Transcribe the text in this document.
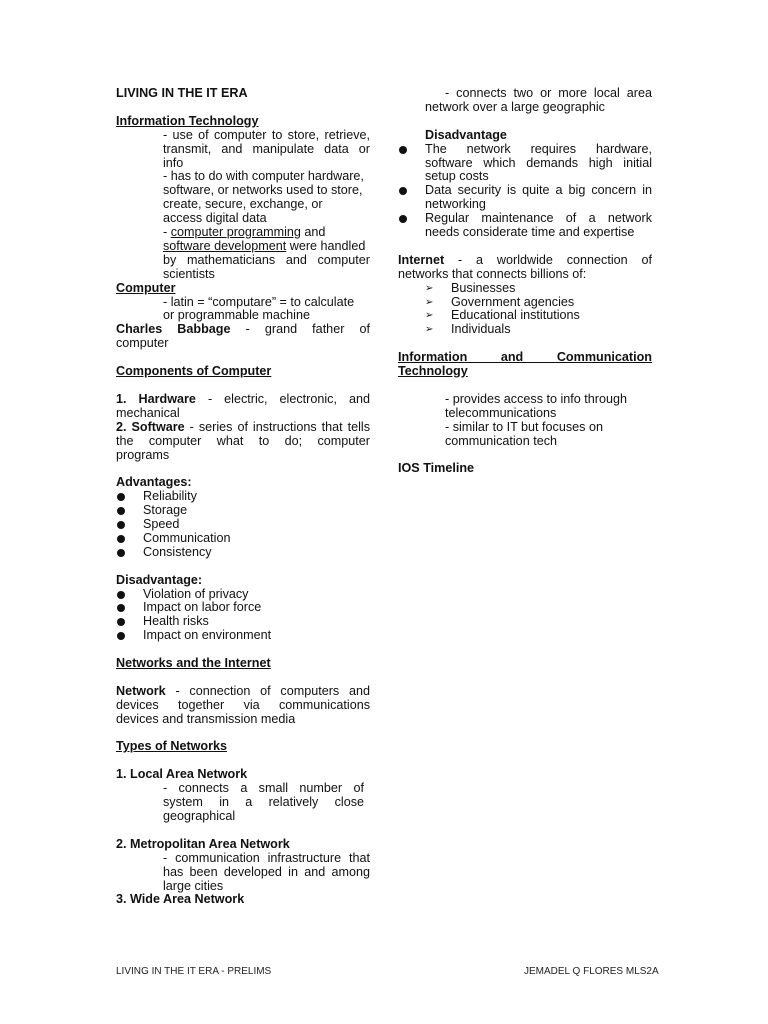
LIVING IN THE IT ERA

Information Technology

- use of computer to store, retrieve,

transmit, and manipulate data or

info

- has to do with computer hardware,

software, or networks used to store,

create, secure, exchange, or

access digital data

- computer programming and

software development were handled

by mathematicians and computer

scientists

Computer

- latin = “computare” = to calculate

or programmable machine

Charles Babbage - grand father of

computer

Components of Computer

1. Hardware - electric, electronic, and

mechanical

2. Software - series of instructions that tells

the computer what to do; computer

programs

Advantages:

Reliability
Storage
Speed
Communication
Consistency

Disadvantage:

Violation of privacy
Impact on labor force
Health risks
Impact on environment

Networks and the Internet

Network - connection of computers and

devices together via communications

devices and transmission media

Types of Networks

1. Local Area Network

- connects a small number of

system in a relatively close

geographical

2. Metropolitan Area Network

- communication infrastructure that

has been developed in and among

large cities

3. Wide Area Network

- connects two or more local area

network over a large geographic

Disadvantage

The network requires hardware,

software which demands high initial

setup costs

Data security is quite a big concern in

networking

Regular maintenance of a network

needs considerate time and expertise

Internet - a worldwide connection of

networks that connects billions of:

➢ Businesses
➢ Government agencies
➢ Educational institutions
➢ Individuals

Information and Communication

Technology

- provides access to info through

telecommunications

- similar to IT but focuses on

communication tech

IOS Timeline

LIVING IN THE IT ERA - PRELIMS	JEMADEL Q FLORES MLS2A
